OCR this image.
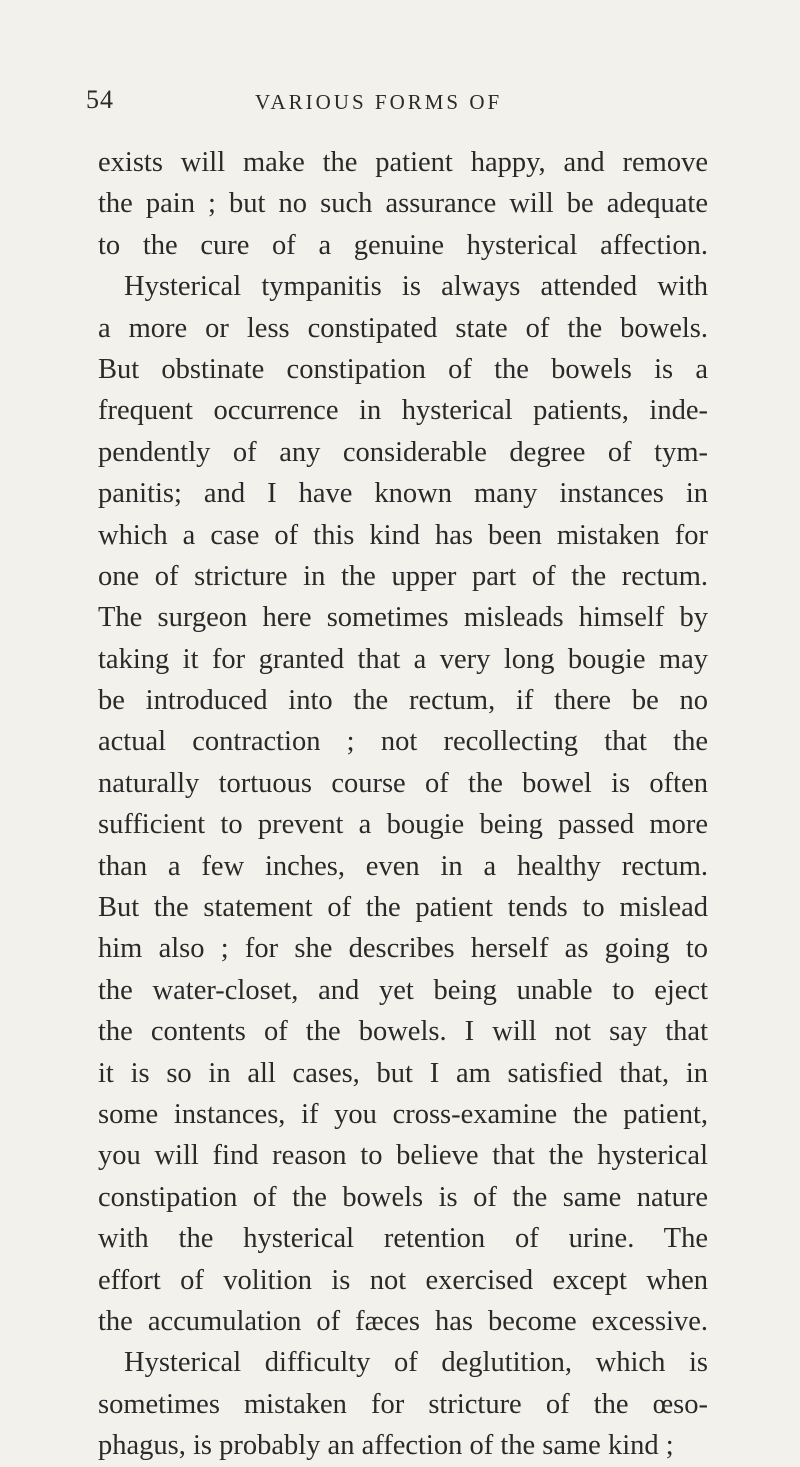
54	VARIOUS FORMS OF
exists will make the patient happy, and remove
the pain ; but no such assurance will be adequate
to the cure of a genuine hysterical affection.
Hysterical tympanitis is always attended with
a more or less constipated state of the bowels.
But obstinate constipation of the bowels is a
frequent occurrence in hysterical patients, inde-
pendently of any considerable degree of tym-
panitis; and I have known many instances in
which a case of this kind has been mistaken for
one of stricture in the upper part of the rectum.
The surgeon here sometimes misleads himself by
taking it for granted that a very long bougie may
be introduced into the rectum, if there be no
actual contraction ; not recollecting that the
naturally tortuous course of the bowel is often
sufficient to prevent a bougie being passed more
than a few inches, even in a healthy rectum.
But the statement of the patient tends to mislead
him also ; for she describes herself as going to
the water-closet, and yet being unable to eject
the contents of the bowels. I will not say that
it is so in all cases, but I am satisfied that, in
some instances, if you cross-examine the patient,
you will find reason to believe that the hysterical
constipation of the bowels is of the same nature
with the hysterical retention of urine. The
effort of volition is not exercised except when
the accumulation of fæces has become excessive.
Hysterical difficulty of deglutition, which is
sometimes mistaken for stricture of the œso-
phagus, is probably an affection of the same kind ;
